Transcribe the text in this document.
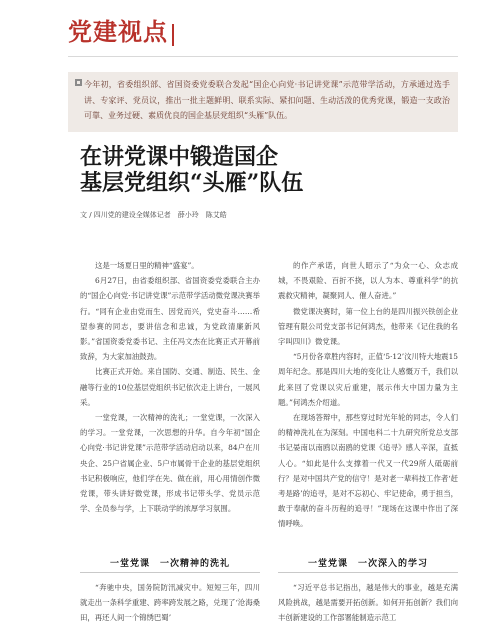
党建视点
今年初，省委组织部、省国资委党委联合发起“国企心向党·书记讲党课”示范带学活动，方承通过选手讲、专家评、党员议，推出一批主题鲜明、联系实际、紧扣问题、生动活泼的优秀党课，锻造一支政治可靠、业务过硬、素质优良的国企基层党组织“头雁”队伍。
在讲党课中锻造国企
基层党组织“头雁”队伍
文 / 四川党的建设全媒体记者　薛小玲　陈艾皓

这是一场夏日里的精神“盛宴”。

6月27日，由省委组织部、省国资委党委联合主办的“国企心向党·书记讲党课”示范带学活动微党课决赛举行。“同有企业由党而生、因党而兴，党史奋斗……希望参赛的同志，要讲信念和忠诚，为党政清廉新风影。”省国资委党委书记、主任冯文杰在比赛正式开幕前致辞，为大家加油鼓劲。

比赛正式开始。来自国防、交通、制造、民生、金融等行业的10位基层党组织书记依次走上讲台，一展风采。

一堂党课，一次精神的洗礼；一堂党课，一次深入的学习。一堂党课，一次思想的升华。自今年初“国企心向党·书记讲党课”示范带学活动启动以来，84户在川央企、25户省属企业、5户市属骨干企业的基层党组织书记积极响应，他们学在先、做在前，用心用情创作微党课，带头讲好微党课，形成书记带头学、党员示范学、全员参与学，上下联动学的浓厚学习氛围。

的作产承诺，向世人昭示了“为众一心、众志成城，不畏艰险、百折不挠，以人为本、尊重科学”的抗震救灾精神，凝聚同人、催人奋进。”

微党课决赛时，第一位上台的是四川振兴铁创企业管理有限公司党支部书记何鸿杰，他带来《记住我的名字叫四川》微党课。

“5月份各章胜内容时，正值‘5·12’汶川特大地震15周年纪念。那是四川大地的变化让人感慨万千，我们以此来回了党课以灾后重建，展示伟大中国力量为主题。”何鸿杰介绍道。

在现场答辩中，那些穿过时光年轮的同志，令人们的精神洗礼在为深刻。中国电科二十九研究所党总支部书记晏南以南鸥以南鸥的党课《追寻》感人辛深，直抵人心。“如此是什么支撑着一代又一代29所人砥砺前行？是对中国共产党的信守！是对老一辈科技工作者‘赶考是路’的追寻，是对不忘初心、牢记使命，勇于担当，敢于奉献的奋斗历程的追寻！”现场在这课中作出了深情呼唤。

一堂党课　一次精神的洗礼	一堂党课　一次深入的学习

“奔驰中央，国务院防汛减灾中。短短三年，四川就走出一条科学重建、跨率跨发展之路，兑现了‘沧海桑田，再还人间一个锦绣巴蜀’

“习近平总书记指出，越是伟大的事业，越是充满风险挑战，越是需要开拓创新。如何开拓创新？我们向丰创新建设的工作部署能制造示范工
